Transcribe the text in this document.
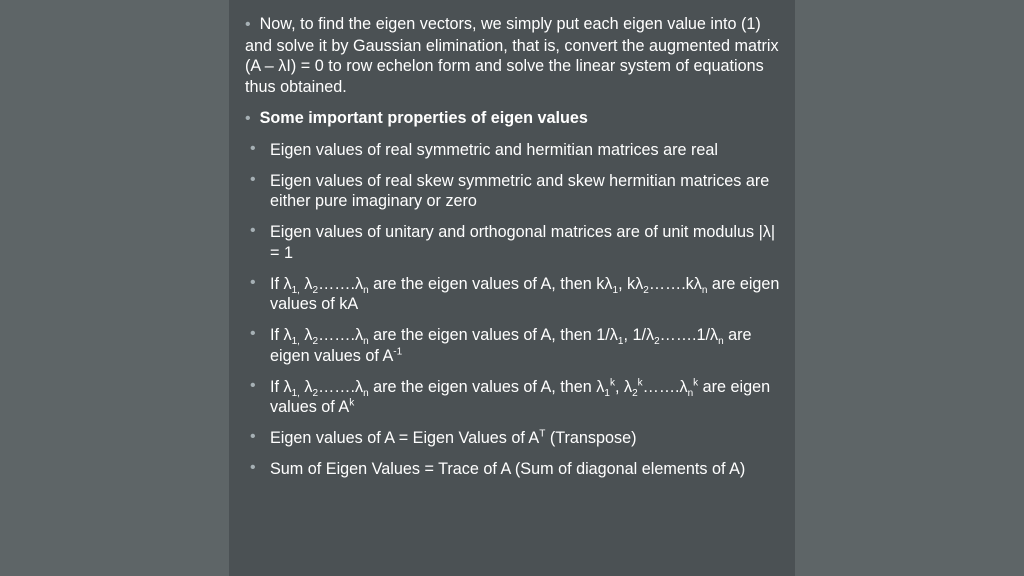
• Now, to find the eigen vectors, we simply put each eigen value into (1) and solve it by Gaussian elimination, that is, convert the augmented matrix (A – λI) = 0 to row echelon form and solve the linear system of equations thus obtained.
• Some important properties of eigen values
• Eigen values of real symmetric and hermitian matrices are real
• Eigen values of real skew symmetric and skew hermitian matrices are either pure imaginary or zero
• Eigen values of unitary and orthogonal matrices are of unit modulus |λ| = 1
• If $\lambda_{1,}$ $\lambda_2\dots\dots.\lambda_n$ are the eigen values of A, then $k\lambda_1$, $k\lambda_2\dots\dots.k\lambda_n$ are eigen values of kA
• If $\lambda_{1,}$ $\lambda_2\dots\dots.\lambda_n$ are the eigen values of A, then $1/\lambda_1$, $1/\lambda_2\dots\dots.1/\lambda_n$ are eigen values of $A^{-1}$
• If $\lambda_{1,}$ $\lambda_2\dots\dots.\lambda_n$ are the eigen values of A, then $\lambda_1^k$, $\lambda_2^k\dots\dots.\lambda_n^k$ are eigen values of $A^k$
• Eigen values of A = Eigen Values of $A^T$ (Transpose)
• Sum of Eigen Values = Trace of A (Sum of diagonal elements of A)
